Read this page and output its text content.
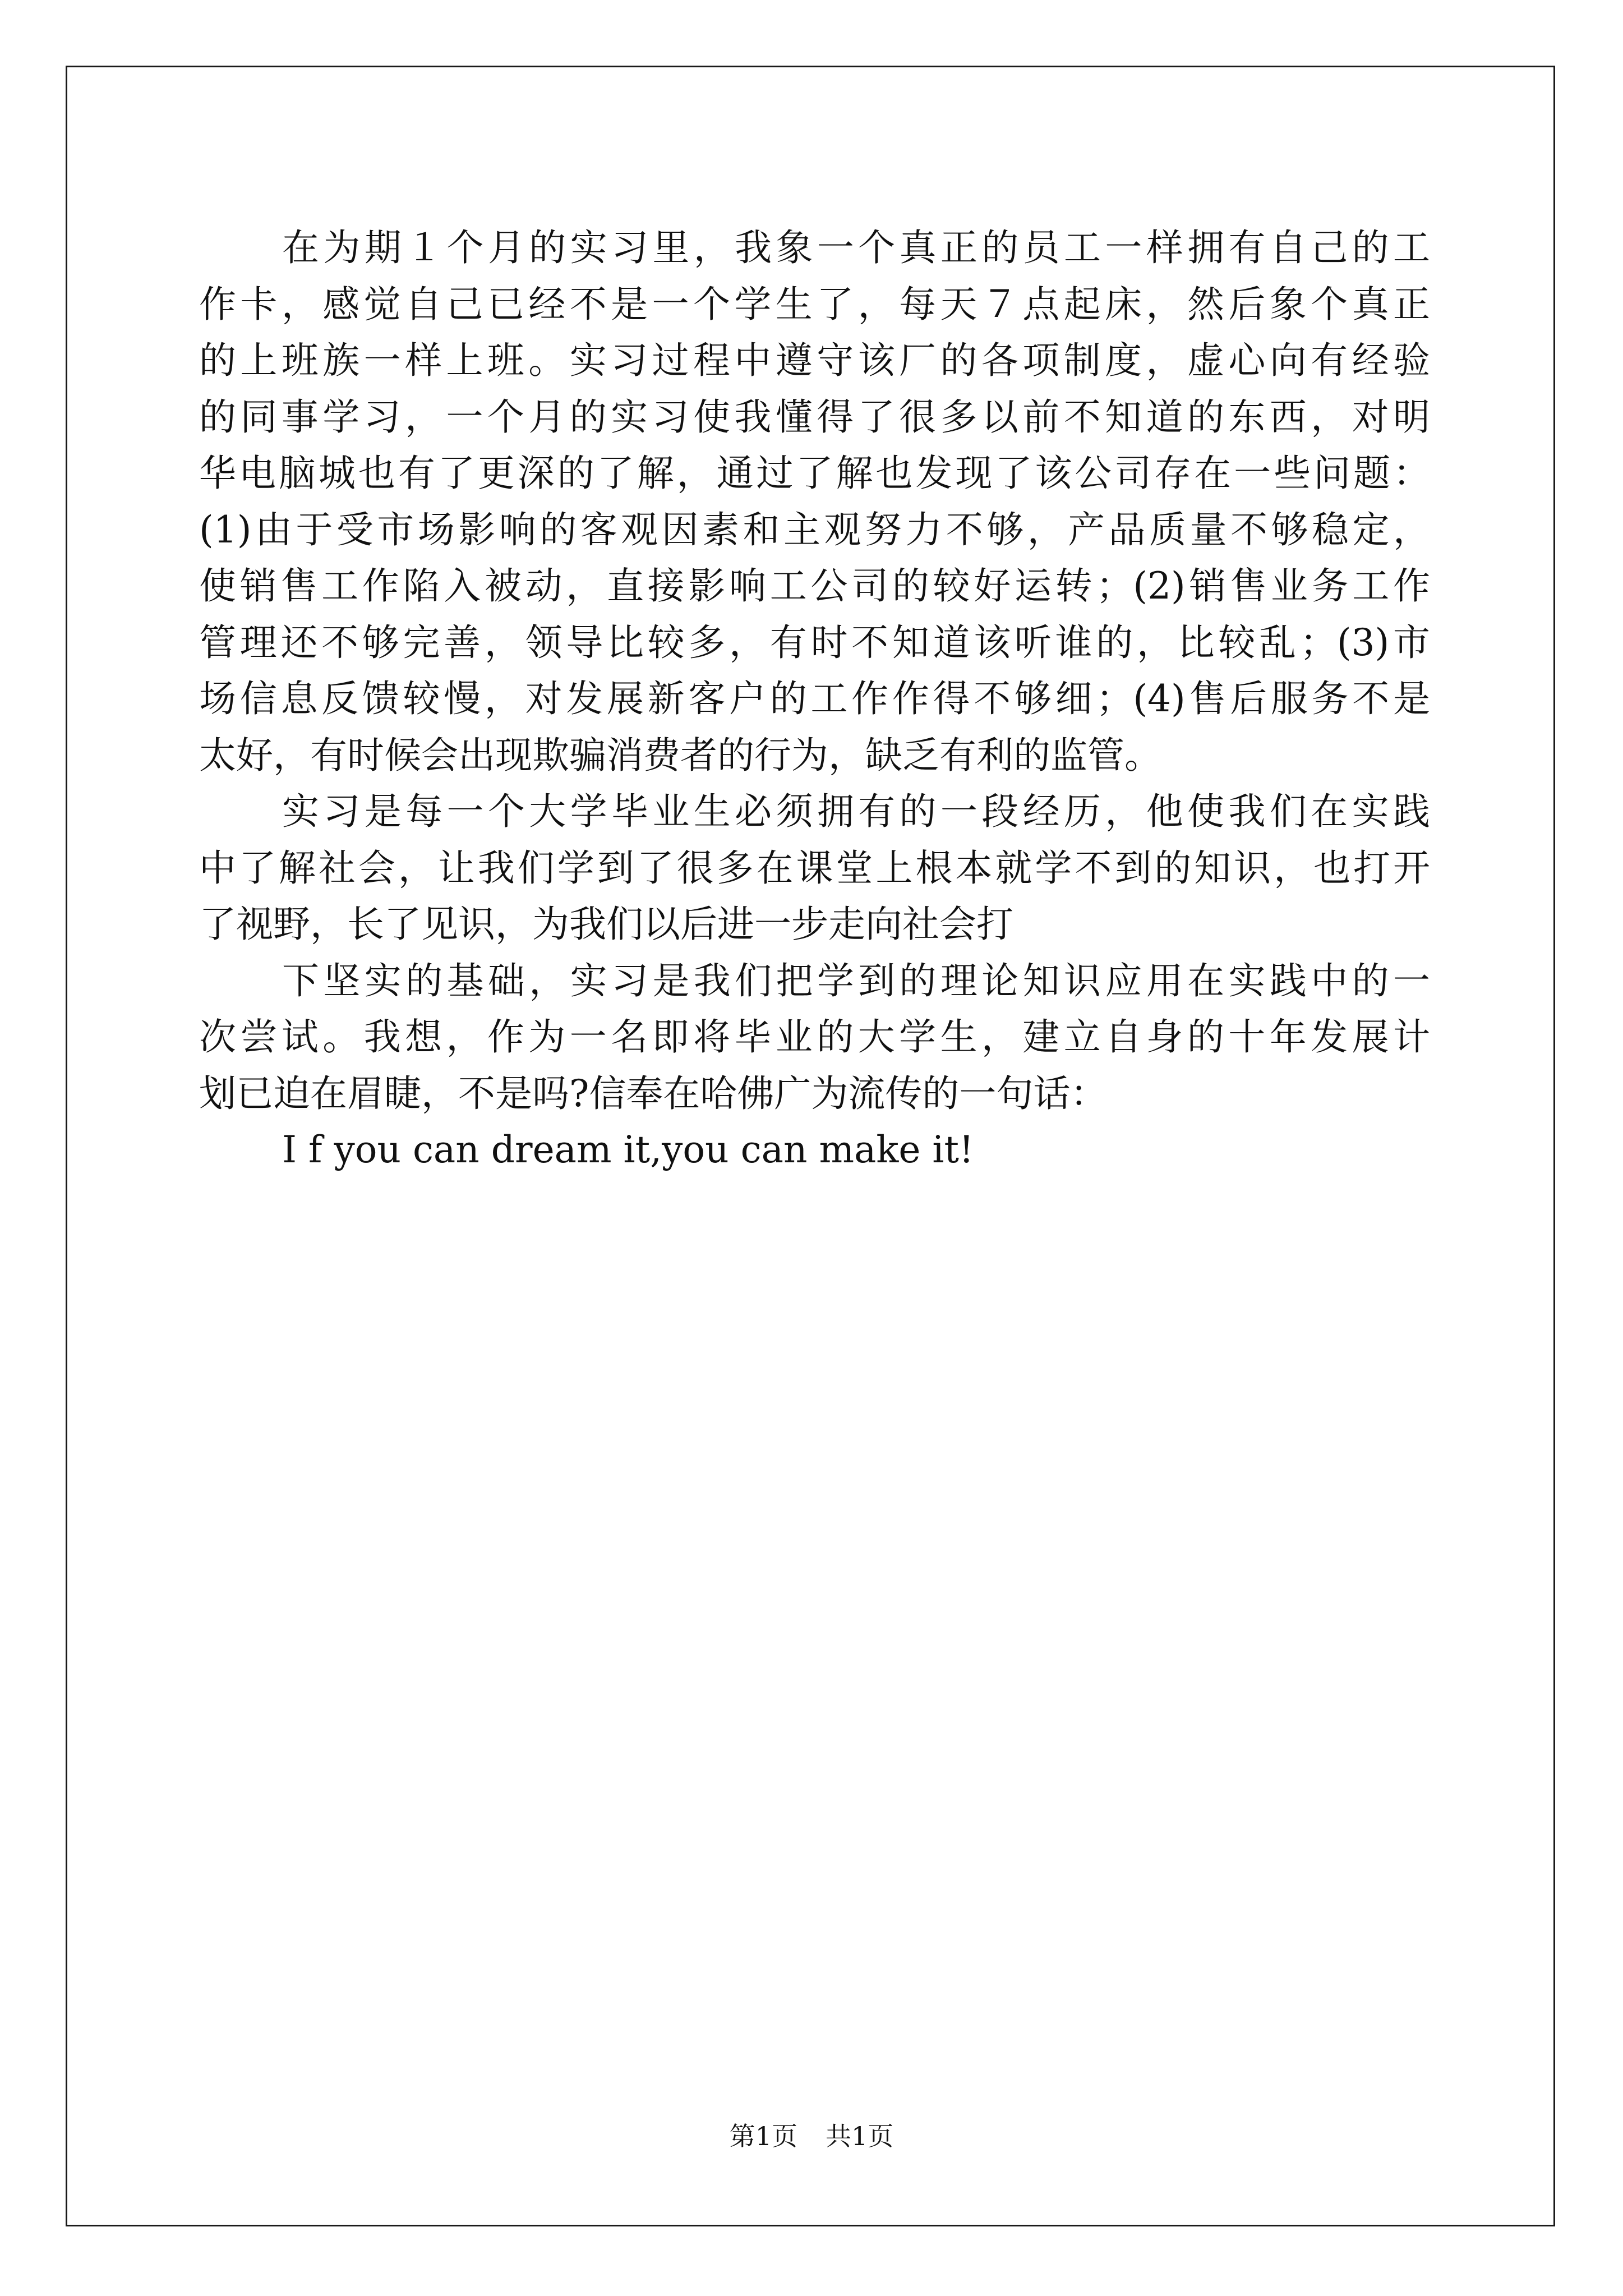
在为期１个月的实习里，我象一个真正的员工一样拥有自己的工
作卡，感觉自己已经不是一个学生了，每天７点起床，然后象个真正
的上班族一样上班。实习过程中遵守该厂的各项制度，虚心向有经验
的同事学习，一个月的实习使我懂得了很多以前不知道的东西，对明
华电脑城也有了更深的了解，通过了解也发现了该公司存在一些问题：
(1)由于受市场影响的客观因素和主观努力不够，产品质量不够稳定，
使销售工作陷入被动，直接影响工公司的较好运转；(2)销售业务工作
管理还不够完善，领导比较多，有时不知道该听谁的，比较乱；(3)市
场信息反馈较慢，对发展新客户的工作作得不够细；(4)售后服务不是
太好，有时候会出现欺骗消费者的行为，缺乏有利的监管。
实习是每一个大学毕业生必须拥有的一段经历，他使我们在实践
中了解社会，让我们学到了很多在课堂上根本就学不到的知识，也打开
了视野，长了见识，为我们以后进一步走向社会打
下坚实的基础，实习是我们把学到的理论知识应用在实践中的一
次尝试。我想，作为一名即将毕业的大学生，建立自身的十年发展计
划已迫在眉睫，不是吗?信奉在哈佛广为流传的一句话：
I f you can dream it,you can make it!
第1页 共1页
